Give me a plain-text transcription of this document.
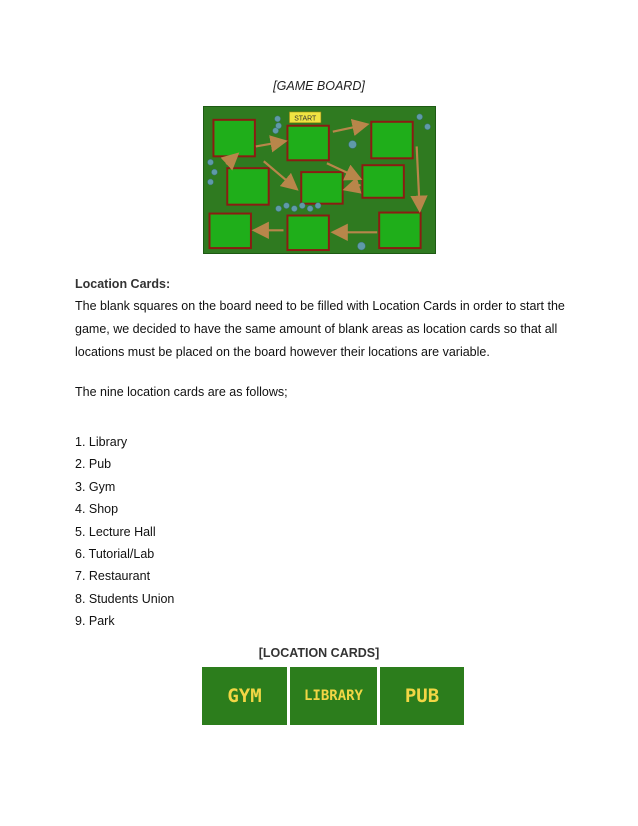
[GAME BOARD]
START
Location Cards:
The blank squares on the board need to be filled with Location Cards in order to start the
game, we decided to have the same amount of blank areas as location cards so that all
locations must be placed on the board however their locations are variable.
The nine location cards are as follows;
1. Library
2. Pub
3. Gym
4. Shop
5. Lecture Hall
6. Tutorial/Lab
7. Restaurant
8. Students Union
9. Park
[LOCATION CARDS]
GYM	LIBRARY	PUB
